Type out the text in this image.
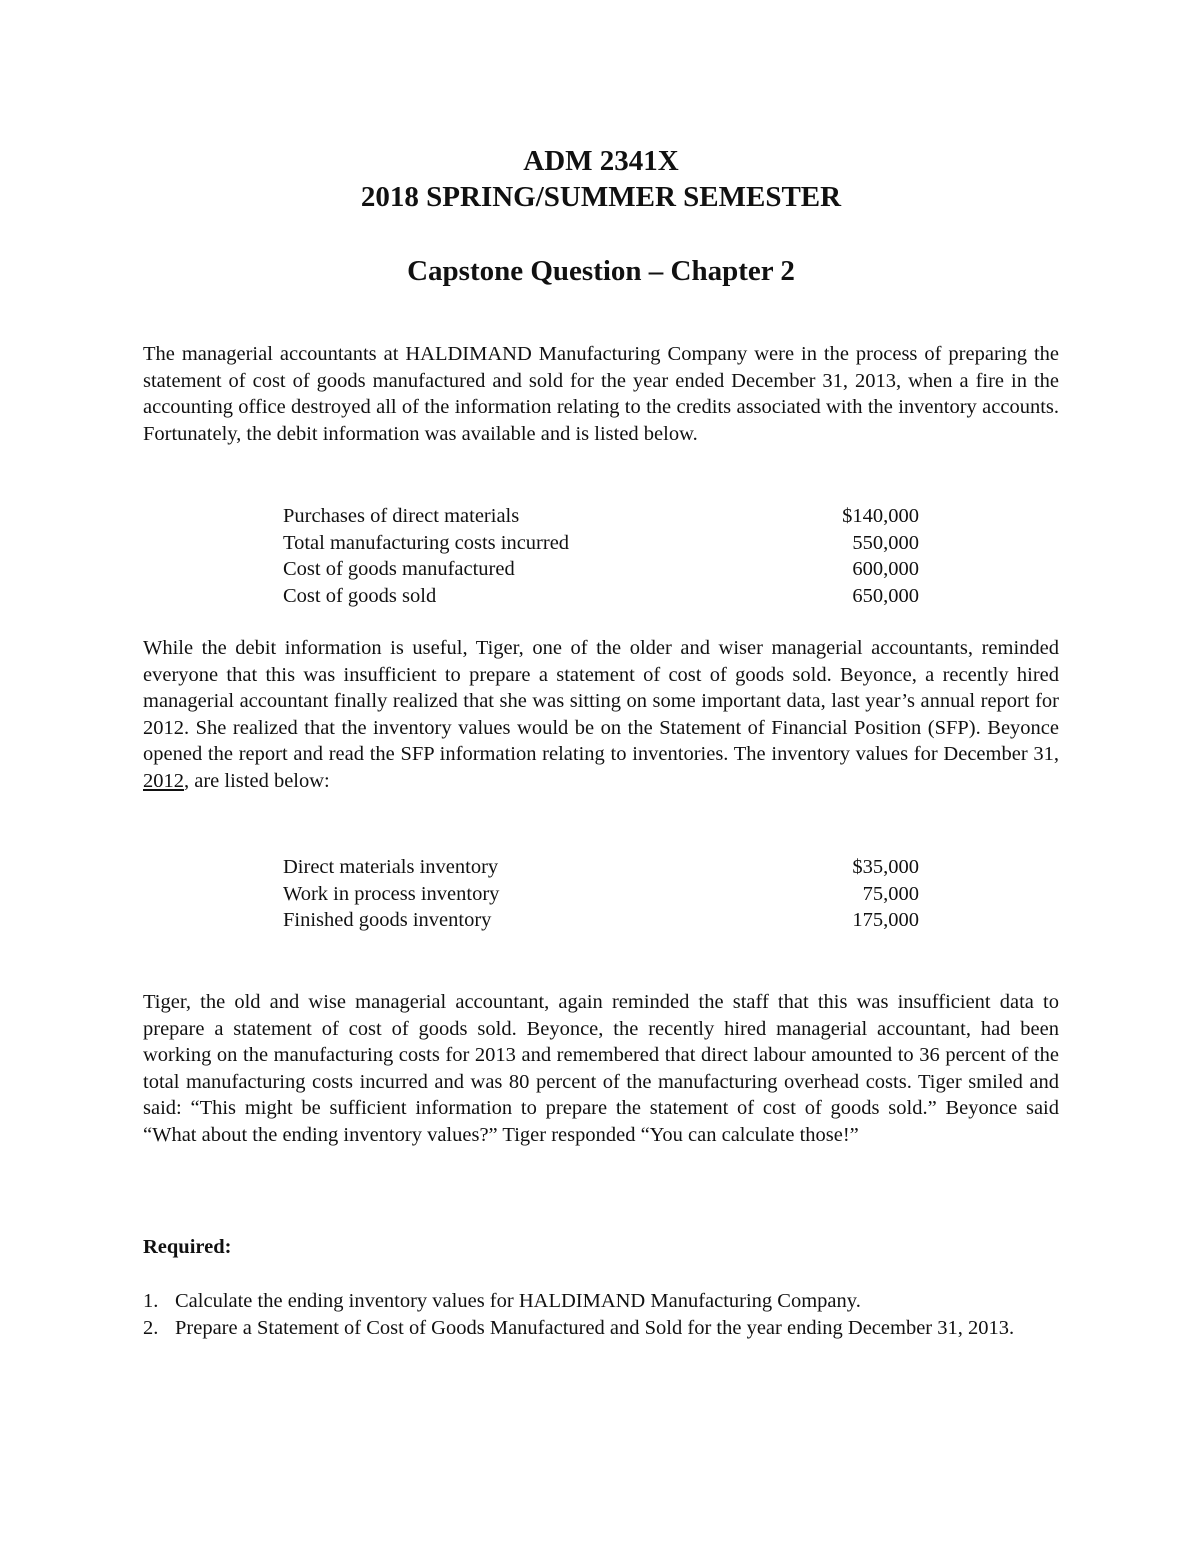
ADM 2341X
2018 SPRING/SUMMER SEMESTER
Capstone Question – Chapter 2

The managerial accountants at HALDIMAND Manufacturing Company were in the process of preparing the statement of cost of goods manufactured and sold for the year ended December 31, 2013, when a fire in the accounting office destroyed all of the information relating to the credits associated with the inventory accounts. Fortunately, the debit information was available and is listed below.

Purchases of direct materials	$140,000
Total manufacturing costs incurred	550,000
Cost of goods manufactured	600,000
Cost of goods sold	650,000

While the debit information is useful, Tiger, one of the older and wiser managerial accountants, reminded everyone that this was insufficient to prepare a statement of cost of goods sold. Beyonce, a recently hired managerial accountant finally realized that she was sitting on some important data, last year’s annual report for 2012. She realized that the inventory values would be on the Statement of Financial Position (SFP). Beyonce opened the report and read the SFP information relating to inventories. The inventory values for December 31, 2012, are listed below:

Direct materials inventory	$35,000
Work in process inventory	75,000
Finished goods inventory	175,000

Tiger, the old and wise managerial accountant, again reminded the staff that this was insufficient data to prepare a statement of cost of goods sold. Beyonce, the recently hired managerial accountant, had been working on the manufacturing costs for 2013 and remembered that direct labour amounted to 36 percent of the total manufacturing costs incurred and was 80 percent of the manufacturing overhead costs. Tiger smiled and said: “This might be sufficient information to prepare the statement of cost of goods sold.” Beyonce said “What about the ending inventory values?” Tiger responded “You can calculate those!”

Required:

1. Calculate the ending inventory values for HALDIMAND Manufacturing Company.
2. Prepare a Statement of Cost of Goods Manufactured and Sold for the year ending December 31, 2013.
